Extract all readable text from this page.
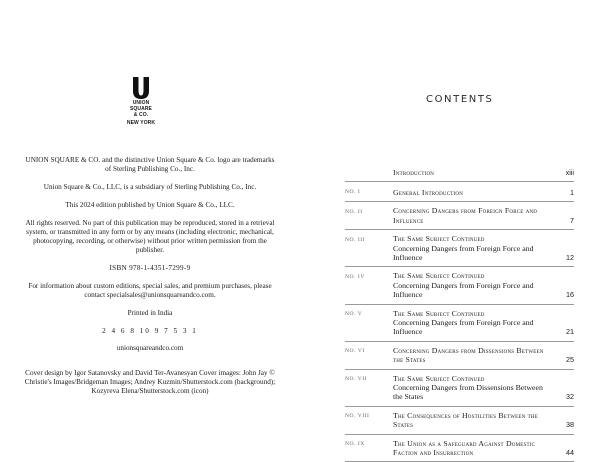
UNION
SQUARE
& CO.
NEW YORK

UNION SQUARE & CO. and the distinctive Union Square & Co. logo are trademarks of Sterling Publishing Co., Inc.

Union Square & Co., LLC, is a subsidiary of Sterling Publishing Co., Inc.

This 2024 edition published by Union Square & Co., LLC.

All rights reserved. No part of this publication may be reproduced, stored in a retrieval system, or transmitted in any form or by any means (including electronic, mechanical, photocopying, recording, or otherwise) without prior written permission from the publisher.

ISBN 978-1-4351-7299-9

For information about custom editions, special sales, and premium purchases, please contact specialsales@unionsquareandco.com.

Printed in India

2 4 6 8 10 9 7 5 3 1

unionsquareandco.com

Cover design by Igor Satanovsky and David Ter-Avanesyan Cover images: John Jay © Christie's Images/Bridgeman Images; Andrey Kuzmin/Shutterstock.com (background); Kozyreva Elena/Shutterstock.com (icon)

CONTENTS
Introduction	xiii
NO. I	General Introduction	1
NO. II	Concerning Dangers from Foreign Force and Influence	7
NO. III	The Same Subject Continued
Concerning Dangers from Foreign Force and Influence	12
NO. IV	The Same Subject Continued
Concerning Dangers from Foreign Force and Influence	16
NO. V	The Same Subject Continued
Concerning Dangers from Foreign Force and Influence	21
NO. VI	Concerning Dangers from Dissensions Between the States	25
NO. VII	The Same Subject Continued
Concerning Dangers from Dissensions Between the States	32
NO. VIII	The Consequences of Hostilities Between the States	38
NO. IX	The Union as a Safeguard Against Domestic Faction and Insurrection	44
